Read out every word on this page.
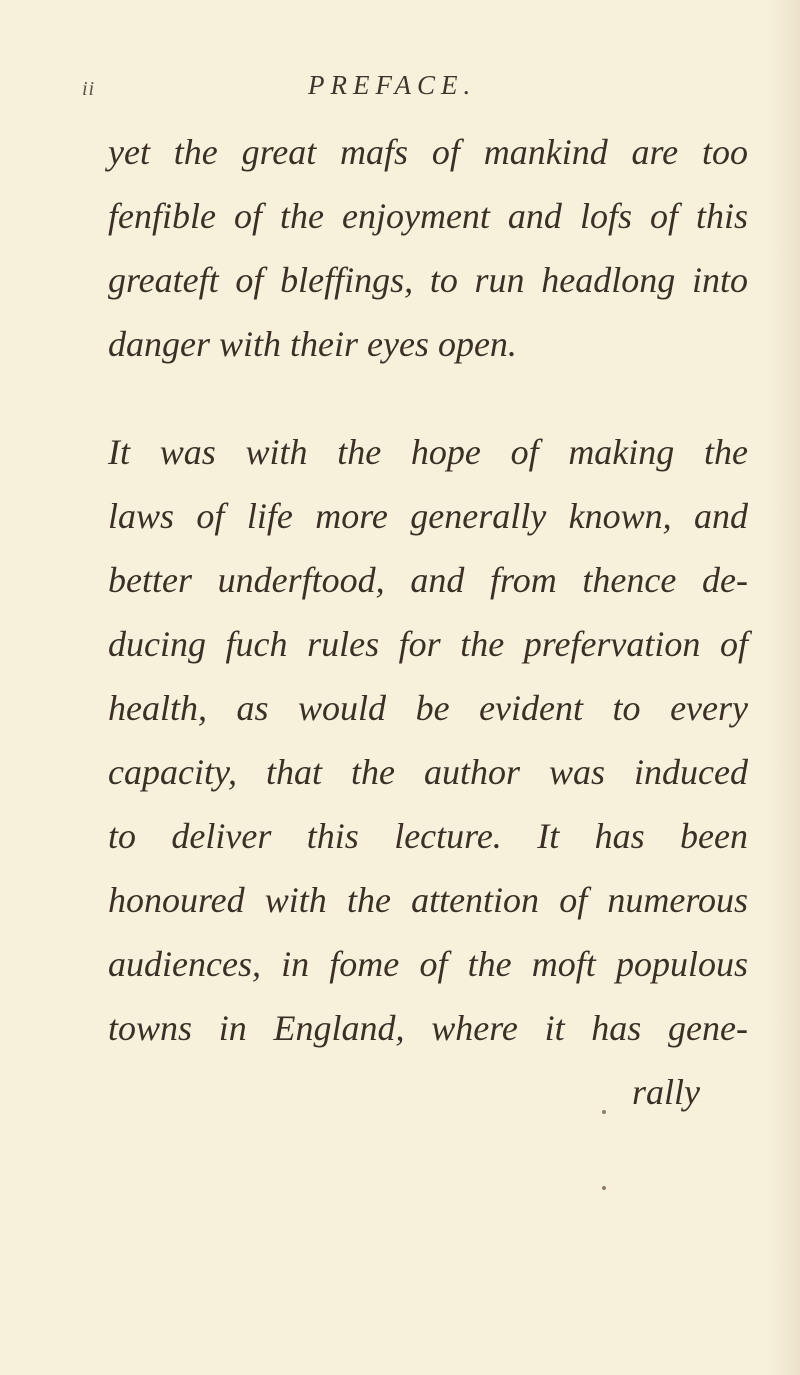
ii	PREFACE.
yet the great mafs of mankind are too
fenfible of the enjoyment and lofs of this
greateft of bleffings, to run headlong into
danger with their eyes open.
It was with the hope of making the
laws of life more generally known, and
better underftood, and from thence de-
ducing fuch rules for the prefervation of
health, as would be evident to every
capacity, that the author was induced
to deliver this lecture. It has been
honoured with the attention of numerous
audiences, in fome of the moft populous
towns in England, where it has gene-
rally
